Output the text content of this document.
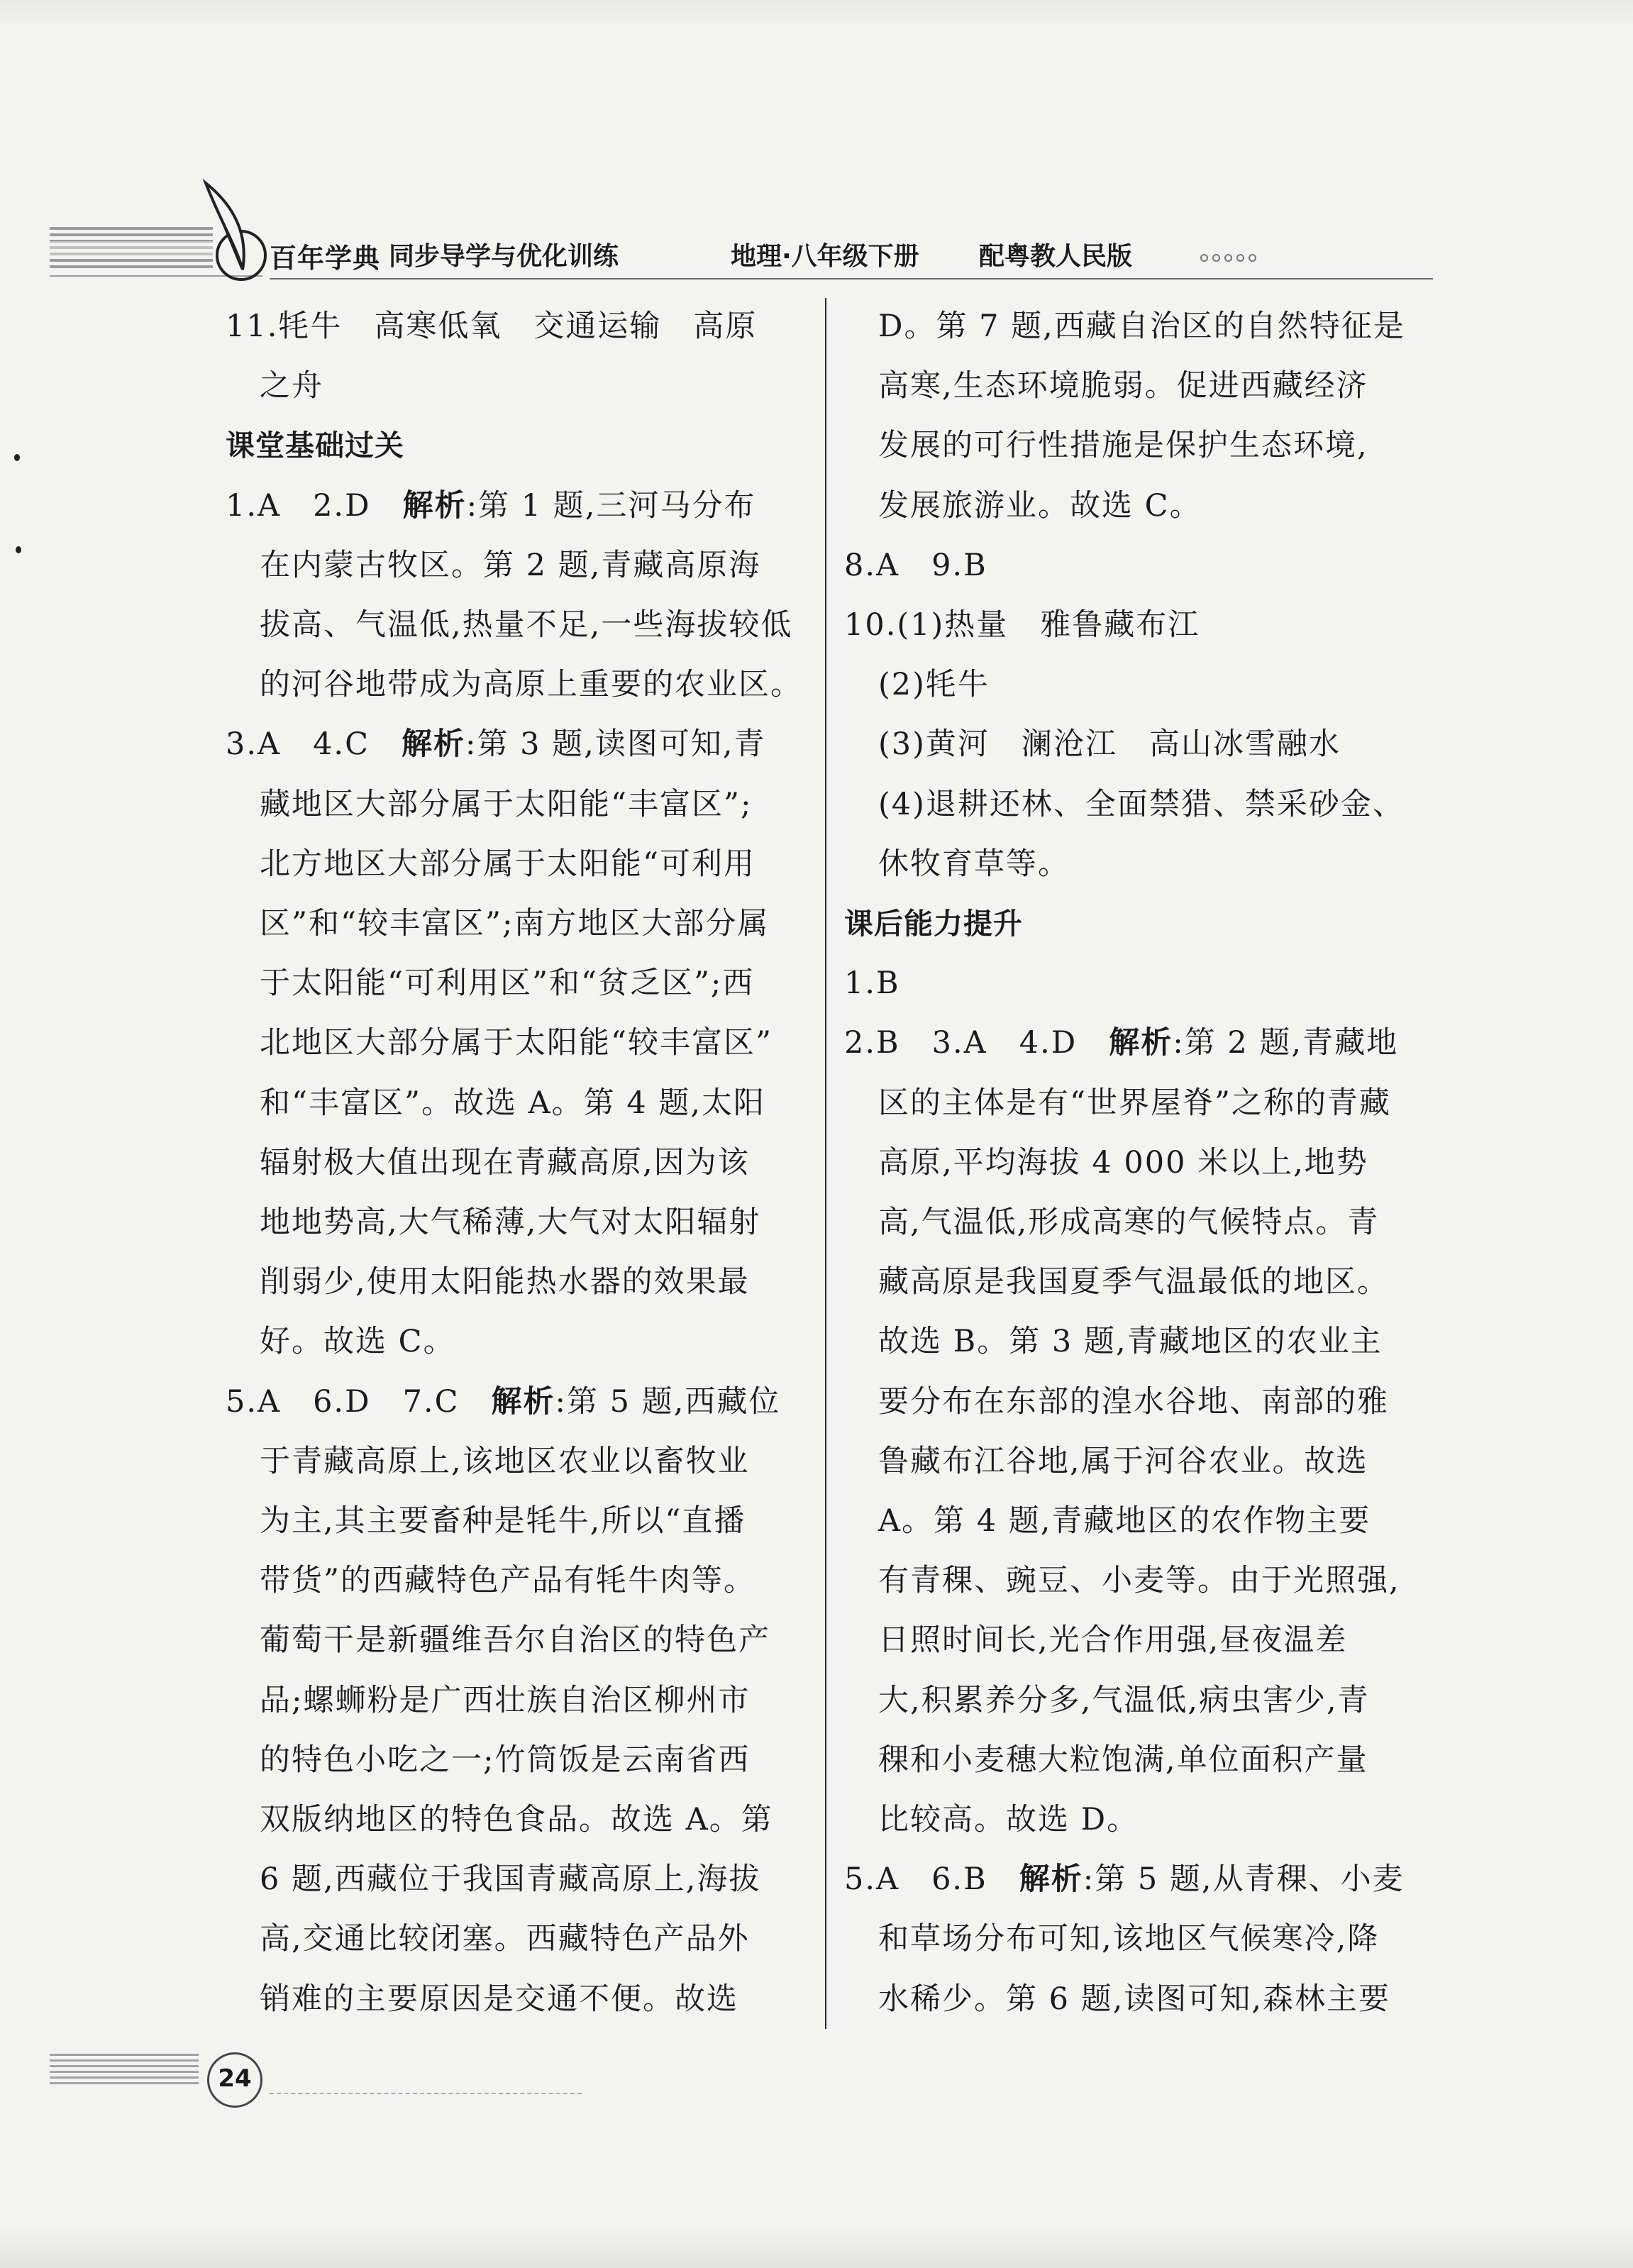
百年学典 同步导学与优化训练	地理·八年级下册 配粤教人民版
11.牦牛　高寒低氧　交通运输　高原
之舟
课堂基础过关
1.A　2.D　解析:第 1 题,三河马分布
在内蒙古牧区。第 2 题,青藏高原海
拔高、气温低,热量不足,一些海拔较低
的河谷地带成为高原上重要的农业区。
3.A　4.C　解析:第 3 题,读图可知,青
藏地区大部分属于太阳能“丰富区”;
北方地区大部分属于太阳能“可利用
区”和“较丰富区”;南方地区大部分属
于太阳能“可利用区”和“贫乏区”;西
北地区大部分属于太阳能“较丰富区”
和“丰富区”。故选 A。第 4 题,太阳
辐射极大值出现在青藏高原,因为该
地地势高,大气稀薄,大气对太阳辐射
削弱少,使用太阳能热水器的效果最
好。故选 C。
5.A　6.D　7.C　解析:第 5 题,西藏位
于青藏高原上,该地区农业以畜牧业
为主,其主要畜种是牦牛,所以“直播
带货”的西藏特色产品有牦牛肉等。
葡萄干是新疆维吾尔自治区的特色产
品;螺蛳粉是广西壮族自治区柳州市
的特色小吃之一;竹筒饭是云南省西
双版纳地区的特色食品。故选 A。第
6 题,西藏位于我国青藏高原上,海拔
高,交通比较闭塞。西藏特色产品外
销难的主要原因是交通不便。故选
D。第 7 题,西藏自治区的自然特征是
高寒,生态环境脆弱。促进西藏经济
发展的可行性措施是保护生态环境,
发展旅游业。故选 C。
8.A　9.B
10.(1)热量　雅鲁藏布江
(2)牦牛
(3)黄河　澜沧江　高山冰雪融水
(4)退耕还林、全面禁猎、禁采砂金、
休牧育草等。
课后能力提升
1.B
2.B　3.A　4.D　解析:第 2 题,青藏地
区的主体是有“世界屋脊”之称的青藏
高原,平均海拔 4 000 米以上,地势
高,气温低,形成高寒的气候特点。青
藏高原是我国夏季气温最低的地区。
故选 B。第 3 题,青藏地区的农业主
要分布在东部的湟水谷地、南部的雅
鲁藏布江谷地,属于河谷农业。故选
A。第 4 题,青藏地区的农作物主要
有青稞、豌豆、小麦等。由于光照强,
日照时间长,光合作用强,昼夜温差
大,积累养分多,气温低,病虫害少,青
稞和小麦穗大粒饱满,单位面积产量
比较高。故选 D。
5.A　6.B　解析:第 5 题,从青稞、小麦
和草场分布可知,该地区气候寒冷,降
水稀少。第 6 题,读图可知,森林主要
24
